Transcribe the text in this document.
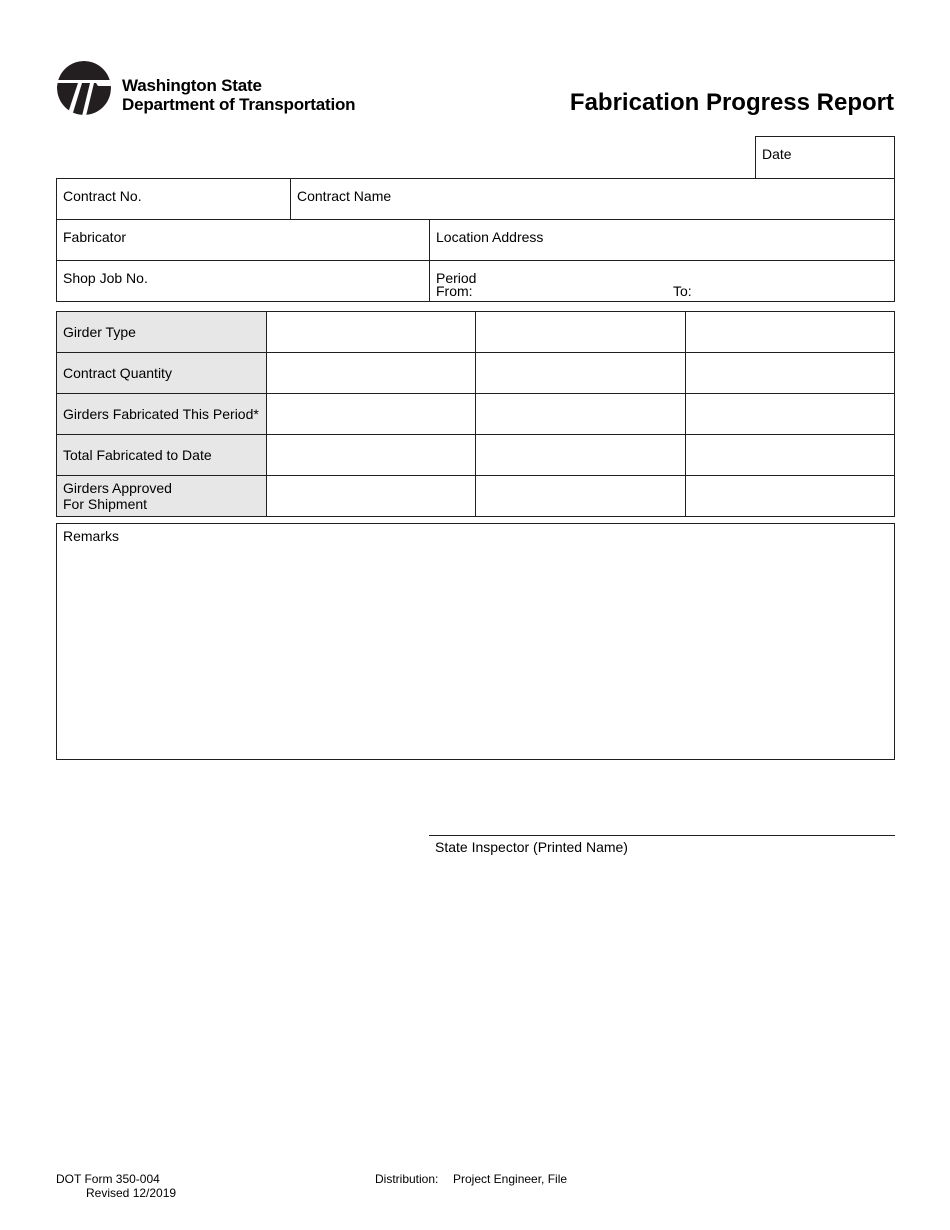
Washington State
Department of Transportation	Fabrication Progress Report
Date
Contract No.	Contract Name
Fabricator	Location Address
Shop Job No.	Period
From:	To:
Girder Type			
Contract Quantity			
Girders Fabricated This Period*			
Total Fabricated to Date			
Girders Approved
For Shipment			
Remarks
State Inspector (Printed Name)
DOT Form 350-004
Revised 12/2019
Distribution: Project Engineer, File
